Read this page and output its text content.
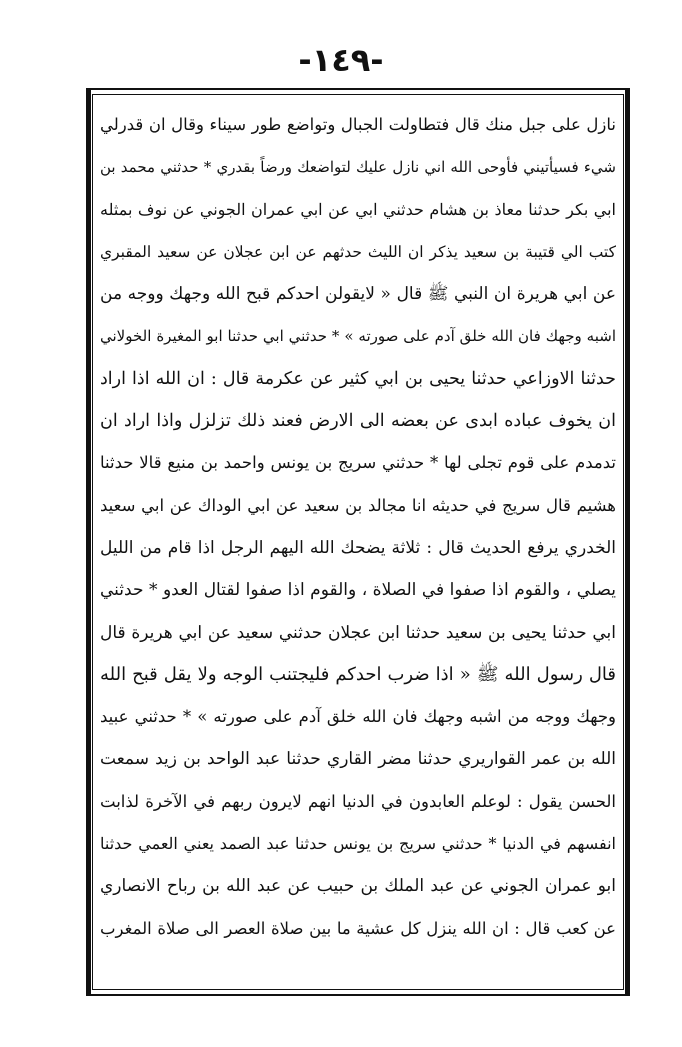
-١٤٩-
نازل على جبل منك قال فتطاولت الجبال وتواضع طور سيناء وقال ان قدرلي
شيء فسيأتيني فأوحى الله اني نازل عليك لتواضعك ورضاً بقدري * حدثني محمد بن
ابي بكر حدثنا معاذ بن هشام حدثني ابي عن ابي عمران الجوني عن نوف بمثله
كتب الي قتيبة بن سعيد يذكر ان الليث حدثهم عن ابن عجلان عن سعيد المقبري
عن ابي هريرة ان النبي ﷺ قال « لايقولن احدكم قبح الله وجهك ووجه من
اشبه وجهك فان الله خلق آدم على صورته » * حدثني ابي حدثنا ابو المغيرة الخولاني
حدثنا الاوزاعي حدثنا يحيى بن ابي كثير عن عكرمة قال : ان الله اذا اراد
ان يخوف عباده ابدى عن بعضه الى الارض فعند ذلك تزلزل واذا اراد ان
تدمدم على قوم تجلى لها * حدثني سريج بن يونس واحمد بن منيع قالا حدثنا
هشيم قال سريج في حديثه انا مجالد بن سعيد عن ابي الوداك عن ابي سعيد
الخدري يرفع الحديث قال : ثلاثة يضحك الله اليهم الرجل اذا قام من الليل
يصلي ، والقوم اذا صفوا في الصلاة ، والقوم اذا صفوا لقتال العدو * حدثني
ابي حدثنا يحيى بن سعيد حدثنا ابن عجلان حدثني سعيد عن ابي هريرة قال
قال رسول الله ﷺ « اذا ضرب احدكم فليجتنب الوجه ولا يقل قبح الله
وجهك ووجه من اشبه وجهك فان الله خلق آدم على صورته » * حدثني عبيد
الله بن عمر القواريري حدثنا مضر القاري حدثنا عبد الواحد بن زيد سمعت
الحسن يقول : لوعلم العابدون في الدنيا انهم لايرون ربهم في الآخرة لذابت
انفسهم في الدنيا * حدثني سريج بن يونس حدثنا عبد الصمد يعني العمي حدثنا
ابو عمران الجوني عن عبد الملك بن حبيب عن عبد الله بن رباح الانصاري
عن كعب قال : ان الله ينزل كل عشية ما بين صلاة العصر الى صلاة المغرب
